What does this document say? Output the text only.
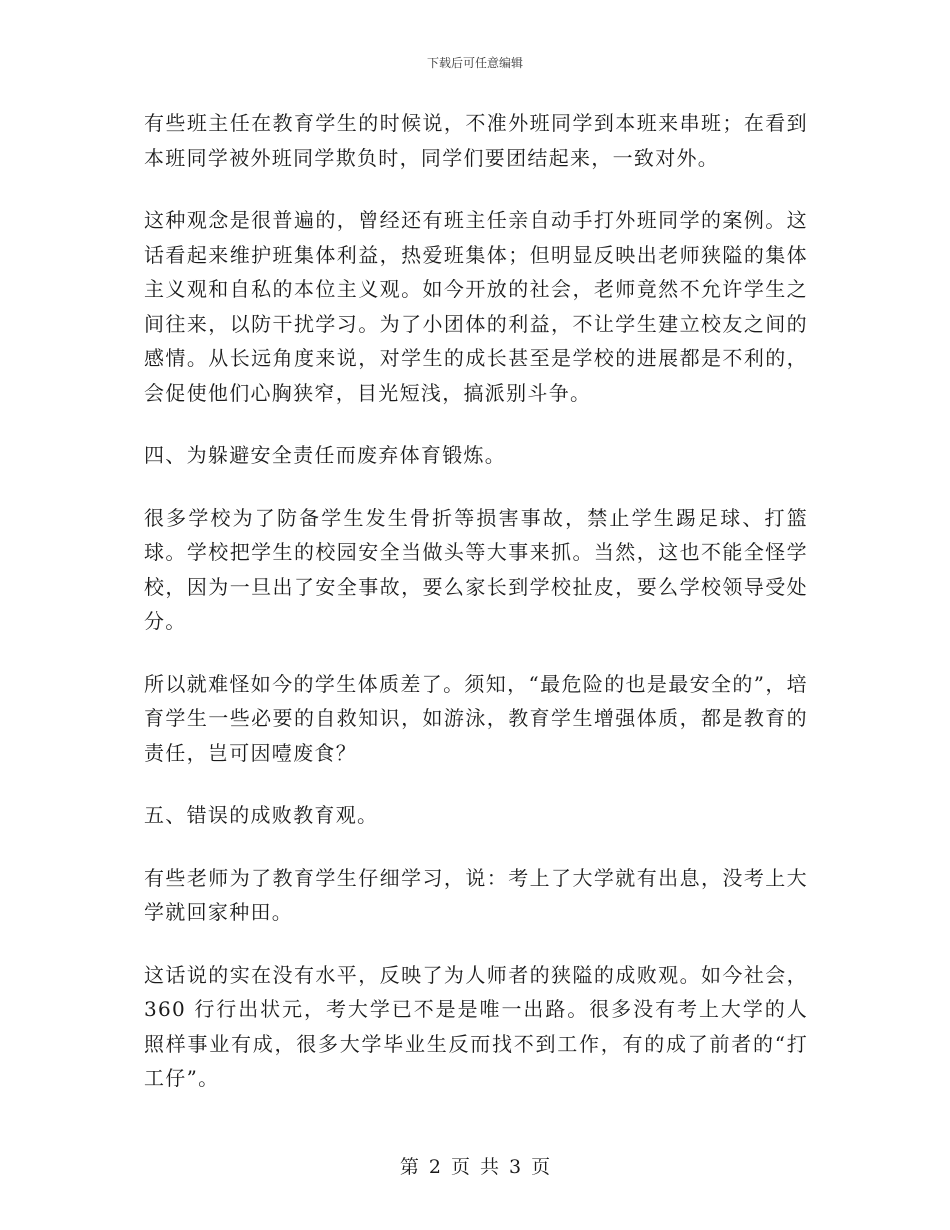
下载后可任意编辑

有些班主任在教育学生的时候说，不准外班同学到本班来串班；在看到本班同学被外班同学欺负时，同学们要团结起来，一致对外。

这种观念是很普遍的，曾经还有班主任亲自动手打外班同学的案例。这话看起来维护班集体利益，热爱班集体；但明显反映出老师狭隘的集体主义观和自私的本位主义观。如今开放的社会，老师竟然不允许学生之间往来，以防干扰学习。为了小团体的利益，不让学生建立校友之间的感情。从长远角度来说，对学生的成长甚至是学校的进展都是不利的，会促使他们心胸狭窄，目光短浅，搞派别斗争。

四、为躲避安全责任而废弃体育锻炼。

很多学校为了防备学生发生骨折等损害事故，禁止学生踢足球、打篮球。学校把学生的校园安全当做头等大事来抓。当然，这也不能全怪学校，因为一旦出了安全事故，要么家长到学校扯皮，要么学校领导受处分。

所以就难怪如今的学生体质差了。须知，“最危险的也是最安全的”，培育学生一些必要的自救知识，如游泳，教育学生增强体质，都是教育的责任，岂可因噎废食？

五、错误的成败教育观。

有些老师为了教育学生仔细学习，说：考上了大学就有出息，没考上大学就回家种田。

这话说的实在没有水平，反映了为人师者的狭隘的成败观。如今社会，360 行行出状元，考大学已不是是唯一出路。很多没有考上大学的人照样事业有成，很多大学毕业生反而找不到工作，有的成了前者的“打工仔”。

第 2 页 共 3 页
